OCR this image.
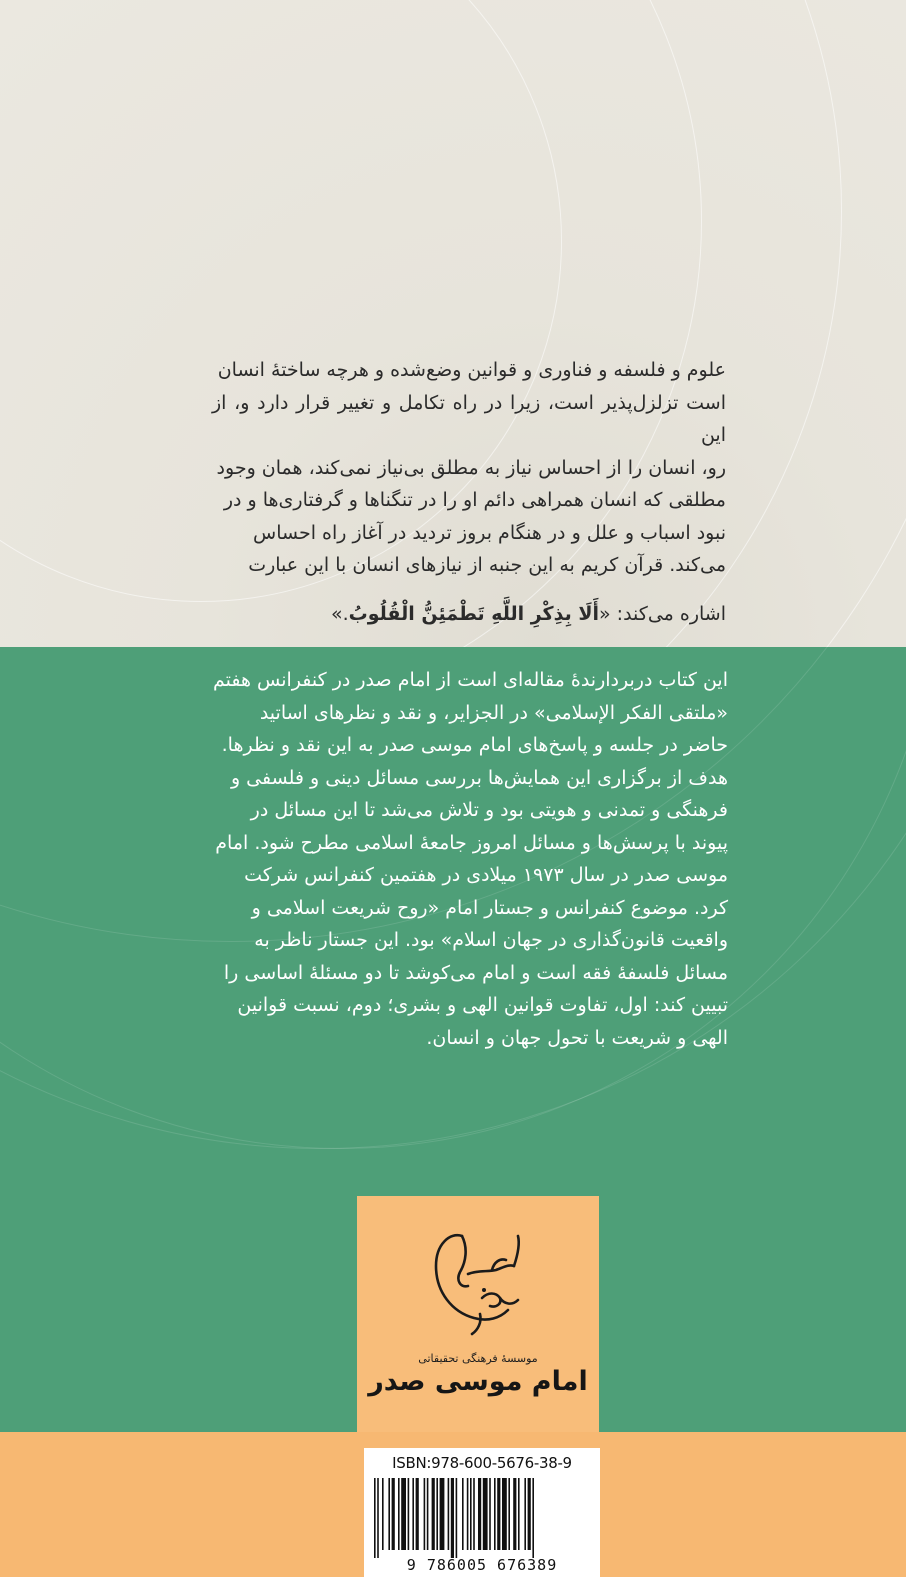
علوم و فلسفه و فناوری و قوانین وضع‌شده و هرچه ساختهٔ انسان
است تزلزل‌پذیر است، زیرا در راه تکامل و تغییر قرار دارد و، از این
رو، انسان را از احساس نیاز به مطلق بی‌نیاز نمی‌کند، همان وجود
مطلقی که انسان همراهی دائم او را در تنگناها و گرفتاری‌ها و در
نبود اسباب و علل و در هنگام بروز تردید در آغاز راه احساس
می‌کند. قرآن کریم به این جنبه از نیازهای انسان با این عبارت

اشاره می‌کند: «أَلَا بِذِكْرِ اللَّهِ تَطْمَئِنُّ الْقُلُوبُ.»

این کتاب دربردارندهٔ مقاله‌ای است از امام صدر در کنفرانس هفتم
«ملتقی الفکر الإسلامی» در الجزایر، و نقد و نظرهای اساتید
حاضر در جلسه و پاسخ‌های امام موسی صدر به این نقد و نظرها.
هدف از برگزاری این همایش‌ها بررسی مسائل دینی و فلسفی و
فرهنگی و تمدنی و هویتی بود و تلاش می‌شد تا این مسائل در
پیوند با پرسش‌ها و مسائل امروز جامعهٔ اسلامی مطرح شود. امام
موسی صدر در سال ۱۹۷۳ میلادی در هفتمین کنفرانس شرکت
کرد. موضوع کنفرانس و جستار امام «روح شریعت اسلامی و
واقعیت قانون‌گذاری در جهان اسلام» بود. این جستار ناظر به
مسائل فلسفهٔ فقه است و امام می‌کوشد تا دو مسئلهٔ اساسی را
تبیین کند: اول، تفاوت قوانین الهی و بشری؛ دوم، نسبت قوانین
الهی و شریعت با تحول جهان و انسان.

موسسهٔ فرهنگی تحقیقاتی
امام موسی صدر
ISBN:978-600-5676-38-9
9 786005 676389
